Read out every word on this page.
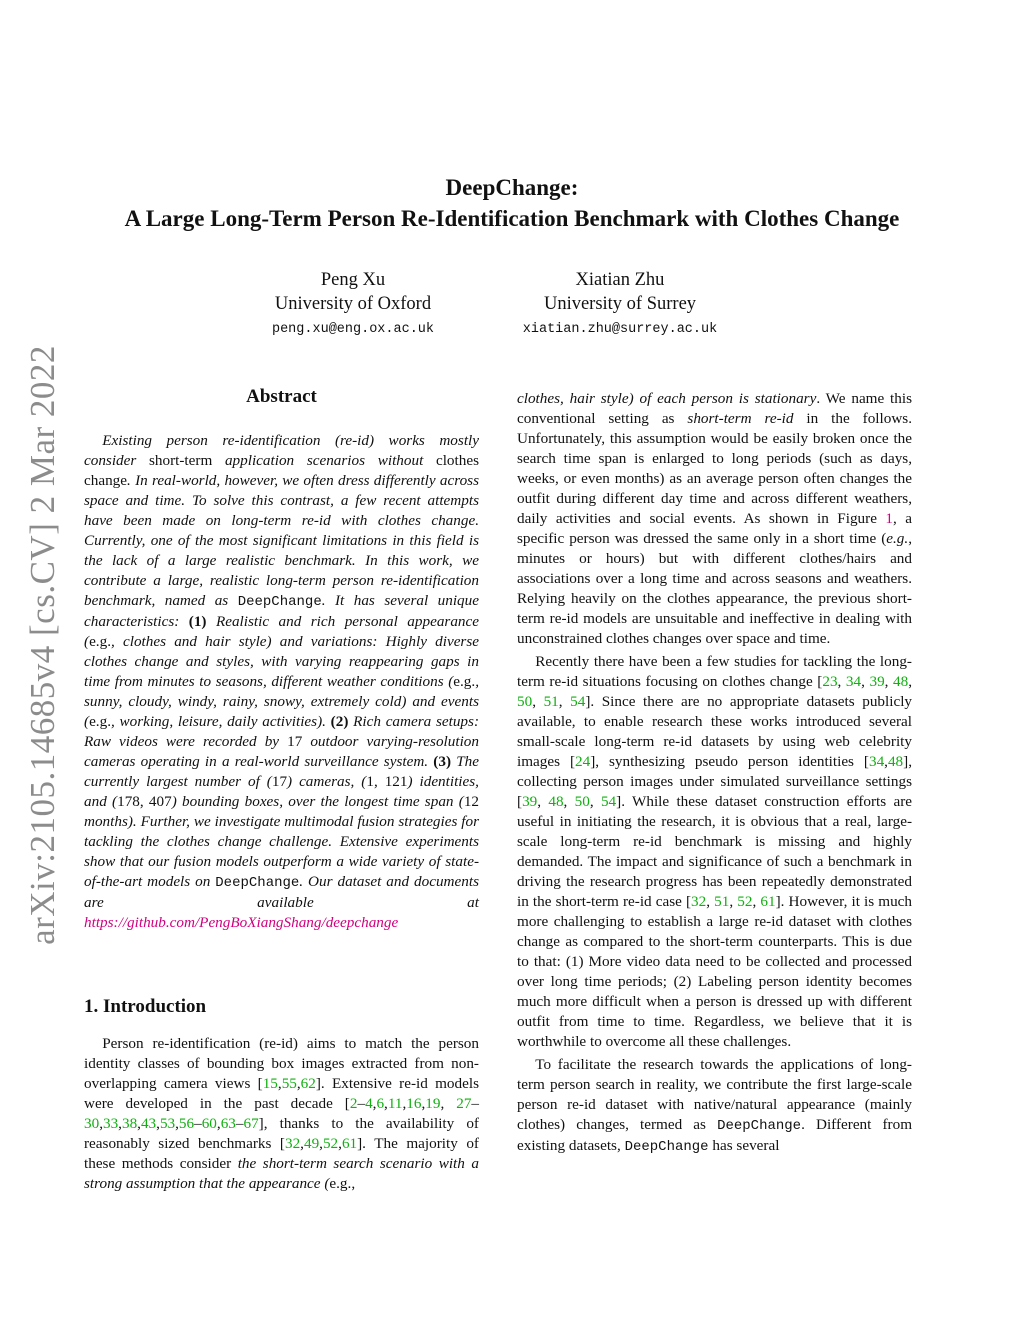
arXiv:2105.14685v4 [cs.CV] 2 Mar 2022
DeepChange:
A Large Long-Term Person Re-Identification Benchmark with Clothes Change
Peng Xu
University of Oxford
peng.xu@eng.ox.ac.uk
Xiatian Zhu
University of Surrey
xiatian.zhu@surrey.ac.uk
Abstract

Existing person re-identification (re-id) works mostly consider short-term application scenarios without clothes change. In real-world, however, we often dress differently across space and time. To solve this contrast, a few recent attempts have been made on long-term re-id with clothes change. Currently, one of the most significant limitations in this field is the lack of a large realistic benchmark. In this work, we contribute a large, realistic long-term person re-identification benchmark, named as DeepChange. It has several unique characteristics: (1) Realistic and rich personal appearance (e.g., clothes and hair style) and variations: Highly diverse clothes change and styles, with varying reappearing gaps in time from minutes to seasons, different weather conditions (e.g., sunny, cloudy, windy, rainy, snowy, extremely cold) and events (e.g., working, leisure, daily activities). (2) Rich camera setups: Raw videos were recorded by 17 outdoor varying-resolution cameras operating in a real-world surveillance system. (3) The currently largest number of (17) cameras, (1, 121) identities, and (178, 407) bounding boxes, over the longest time span (12 months). Further, we investigate multimodal fusion strategies for tackling the clothes change challenge. Extensive experiments show that our fusion models outperform a wide variety of state-of-the-art models on DeepChange. Our dataset and documents are available at https://github.com/PengBoXiangShang/deepchange

1. Introduction

Person re-identification (re-id) aims to match the person identity classes of bounding box images extracted from non-overlapping camera views [15,55,62]. Extensive re-id models were developed in the past decade [2–4,6,11,16,19, 27–30,33,38,43,53,56–60,63–67], thanks to the availability of reasonably sized benchmarks [32,49,52,61]. The majority of these methods consider the short-term search scenario with a strong assumption that the appearance (e.g.,

clothes, hair style) of each person is stationary. We name this conventional setting as short-term re-id in the follows. Unfortunately, this assumption would be easily broken once the search time span is enlarged to long periods (such as days, weeks, or even months) as an average person often changes the outfit during different day time and across different weathers, daily activities and social events. As shown in Figure 1, a specific person was dressed the same only in a short time (e.g., minutes or hours) but with different clothes/hairs and associations over a long time and across seasons and weathers. Relying heavily on the clothes appearance, the previous short-term re-id models are unsuitable and ineffective in dealing with unconstrained clothes changes over space and time.

Recently there have been a few studies for tackling the long-term re-id situations focusing on clothes change [23, 34, 39, 48, 50, 51, 54]. Since there are no appropriate datasets publicly available, to enable research these works introduced several small-scale long-term re-id datasets by using web celebrity images [24], synthesizing pseudo person identities [34,48], collecting person images under simulated surveillance settings [39, 48, 50, 54]. While these dataset construction efforts are useful in initiating the research, it is obvious that a real, large-scale long-term re-id benchmark is missing and highly demanded. The impact and significance of such a benchmark in driving the research progress has been repeatedly demonstrated in the short-term re-id case [32, 51, 52, 61]. However, it is much more challenging to establish a large re-id dataset with clothes change as compared to the short-term counterparts. This is due to that: (1) More video data need to be collected and processed over long time periods; (2) Labeling person identity becomes much more difficult when a person is dressed up with different outfit from time to time. Regardless, we believe that it is worthwhile to overcome all these challenges.

To facilitate the research towards the applications of long-term person search in reality, we contribute the first large-scale person re-id dataset with native/natural appearance (mainly clothes) changes, termed as DeepChange. Different from existing datasets, DeepChange has several
